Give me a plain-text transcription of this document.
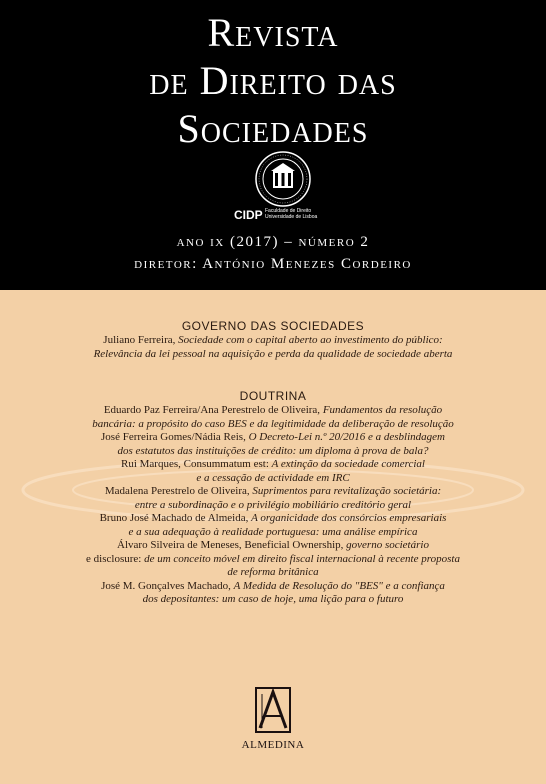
Revista
de Direito das
Sociedades
CIDP Faculdade de Direito
Universidade de Lisboa
ano ix (2017) – número 2
diretor: António Menezes Cordeiro
GOVERNO DAS SOCIEDADES
Juliano Ferreira, Sociedade com o capital aberto ao investimento do público:
Relevância da lei pessoal na aquisição e perda da qualidade de sociedade aberta
DOUTRINA
Eduardo Paz Ferreira/Ana Perestrelo de Oliveira, Fundamentos da resolução
bancária: a propósito do caso BES e da legitimidade da deliberação de resolução
José Ferreira Gomes/Nádia Reis, O Decreto-Lei n.º 20/2016 e a desblindagem
dos estatutos das instituições de crédito: um diploma à prova de bala?
Rui Marques, Consummatum est: A extinção da sociedade comercial
e a cessação de actividade em IRC
Madalena Perestrelo de Oliveira, Suprimentos para revitalização societária:
entre a subordinação e o privilégio mobiliário creditório geral
Bruno José Machado de Almeida, A organicidade dos consórcios empresariais
e a sua adequação à realidade portuguesa: uma análise empírica
Álvaro Silveira de Meneses, Beneficial Ownership, governo societário
e disclosure: de um conceito móvel em direito fiscal internacional à recente proposta
de reforma britânica
José M. Gonçalves Machado, A Medida de Resolução do "BES" e a confiança
dos depositantes: um caso de hoje, uma lição para o futuro
ALMEDINA
